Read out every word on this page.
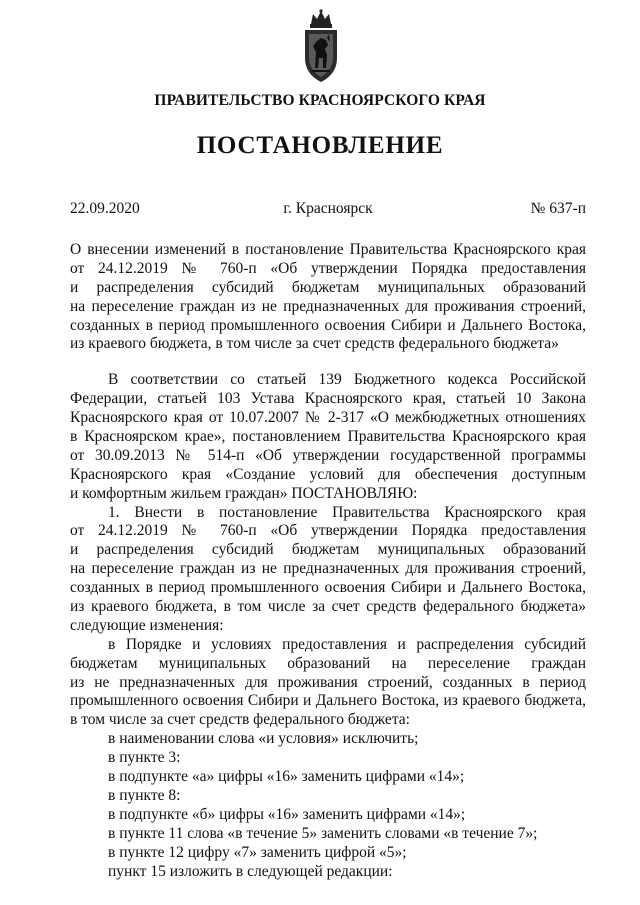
ПРАВИТЕЛЬСТВО КРАСНОЯРСКОГО КРАЯ
ПОСТАНОВЛЕНИЕ
22.09.2020	г. Красноярск	№ 637-п
О внесении изменений в постановление Правительства Красноярского края
от 24.12.2019 № 760-п «Об утверждении Порядка предоставления
и распределения субсидий бюджетам муниципальных образований
на переселение граждан из не предназначенных для проживания строений,
созданных в период промышленного освоения Сибири и Дальнего Востока,
из краевого бюджета, в том числе за счет средств федерального бюджета»
В соответствии со статьей 139 Бюджетного кодекса Российской
Федерации, статьей 103 Устава Красноярского края, статьей 10 Закона
Красноярского края от 10.07.2007 № 2-317 «О межбюджетных отношениях
в Красноярском крае», постановлением Правительства Красноярского края
от 30.09.2013 № 514-п «Об утверждении государственной программы
Красноярского края «Создание условий для обеспечения доступным
и комфортным жильем граждан» ПОСТАНОВЛЯЮ:
1. Внести в постановление Правительства Красноярского края
от 24.12.2019 № 760-п «Об утверждении Порядка предоставления
и распределения субсидий бюджетам муниципальных образований
на переселение граждан из не предназначенных для проживания строений,
созданных в период промышленного освоения Сибири и Дальнего Востока,
из краевого бюджета, в том числе за счет средств федерального бюджета»
следующие изменения:
в Порядке и условиях предоставления и распределения субсидий
бюджетам муниципальных образований на переселение граждан
из не предназначенных для проживания строений, созданных в период
промышленного освоения Сибири и Дальнего Востока, из краевого бюджета,
в том числе за счет средств федерального бюджета:
в наименовании слова «и условия» исключить;
в пункте 3:
в подпункте «а» цифры «16» заменить цифрами «14»;
в пункте 8:
в подпункте «б» цифры «16» заменить цифрами «14»;
в пункте 11 слова «в течение 5» заменить словами «в течение 7»;
в пункте 12 цифру «7» заменить цифрой «5»;
пункт 15 изложить в следующей редакции:
